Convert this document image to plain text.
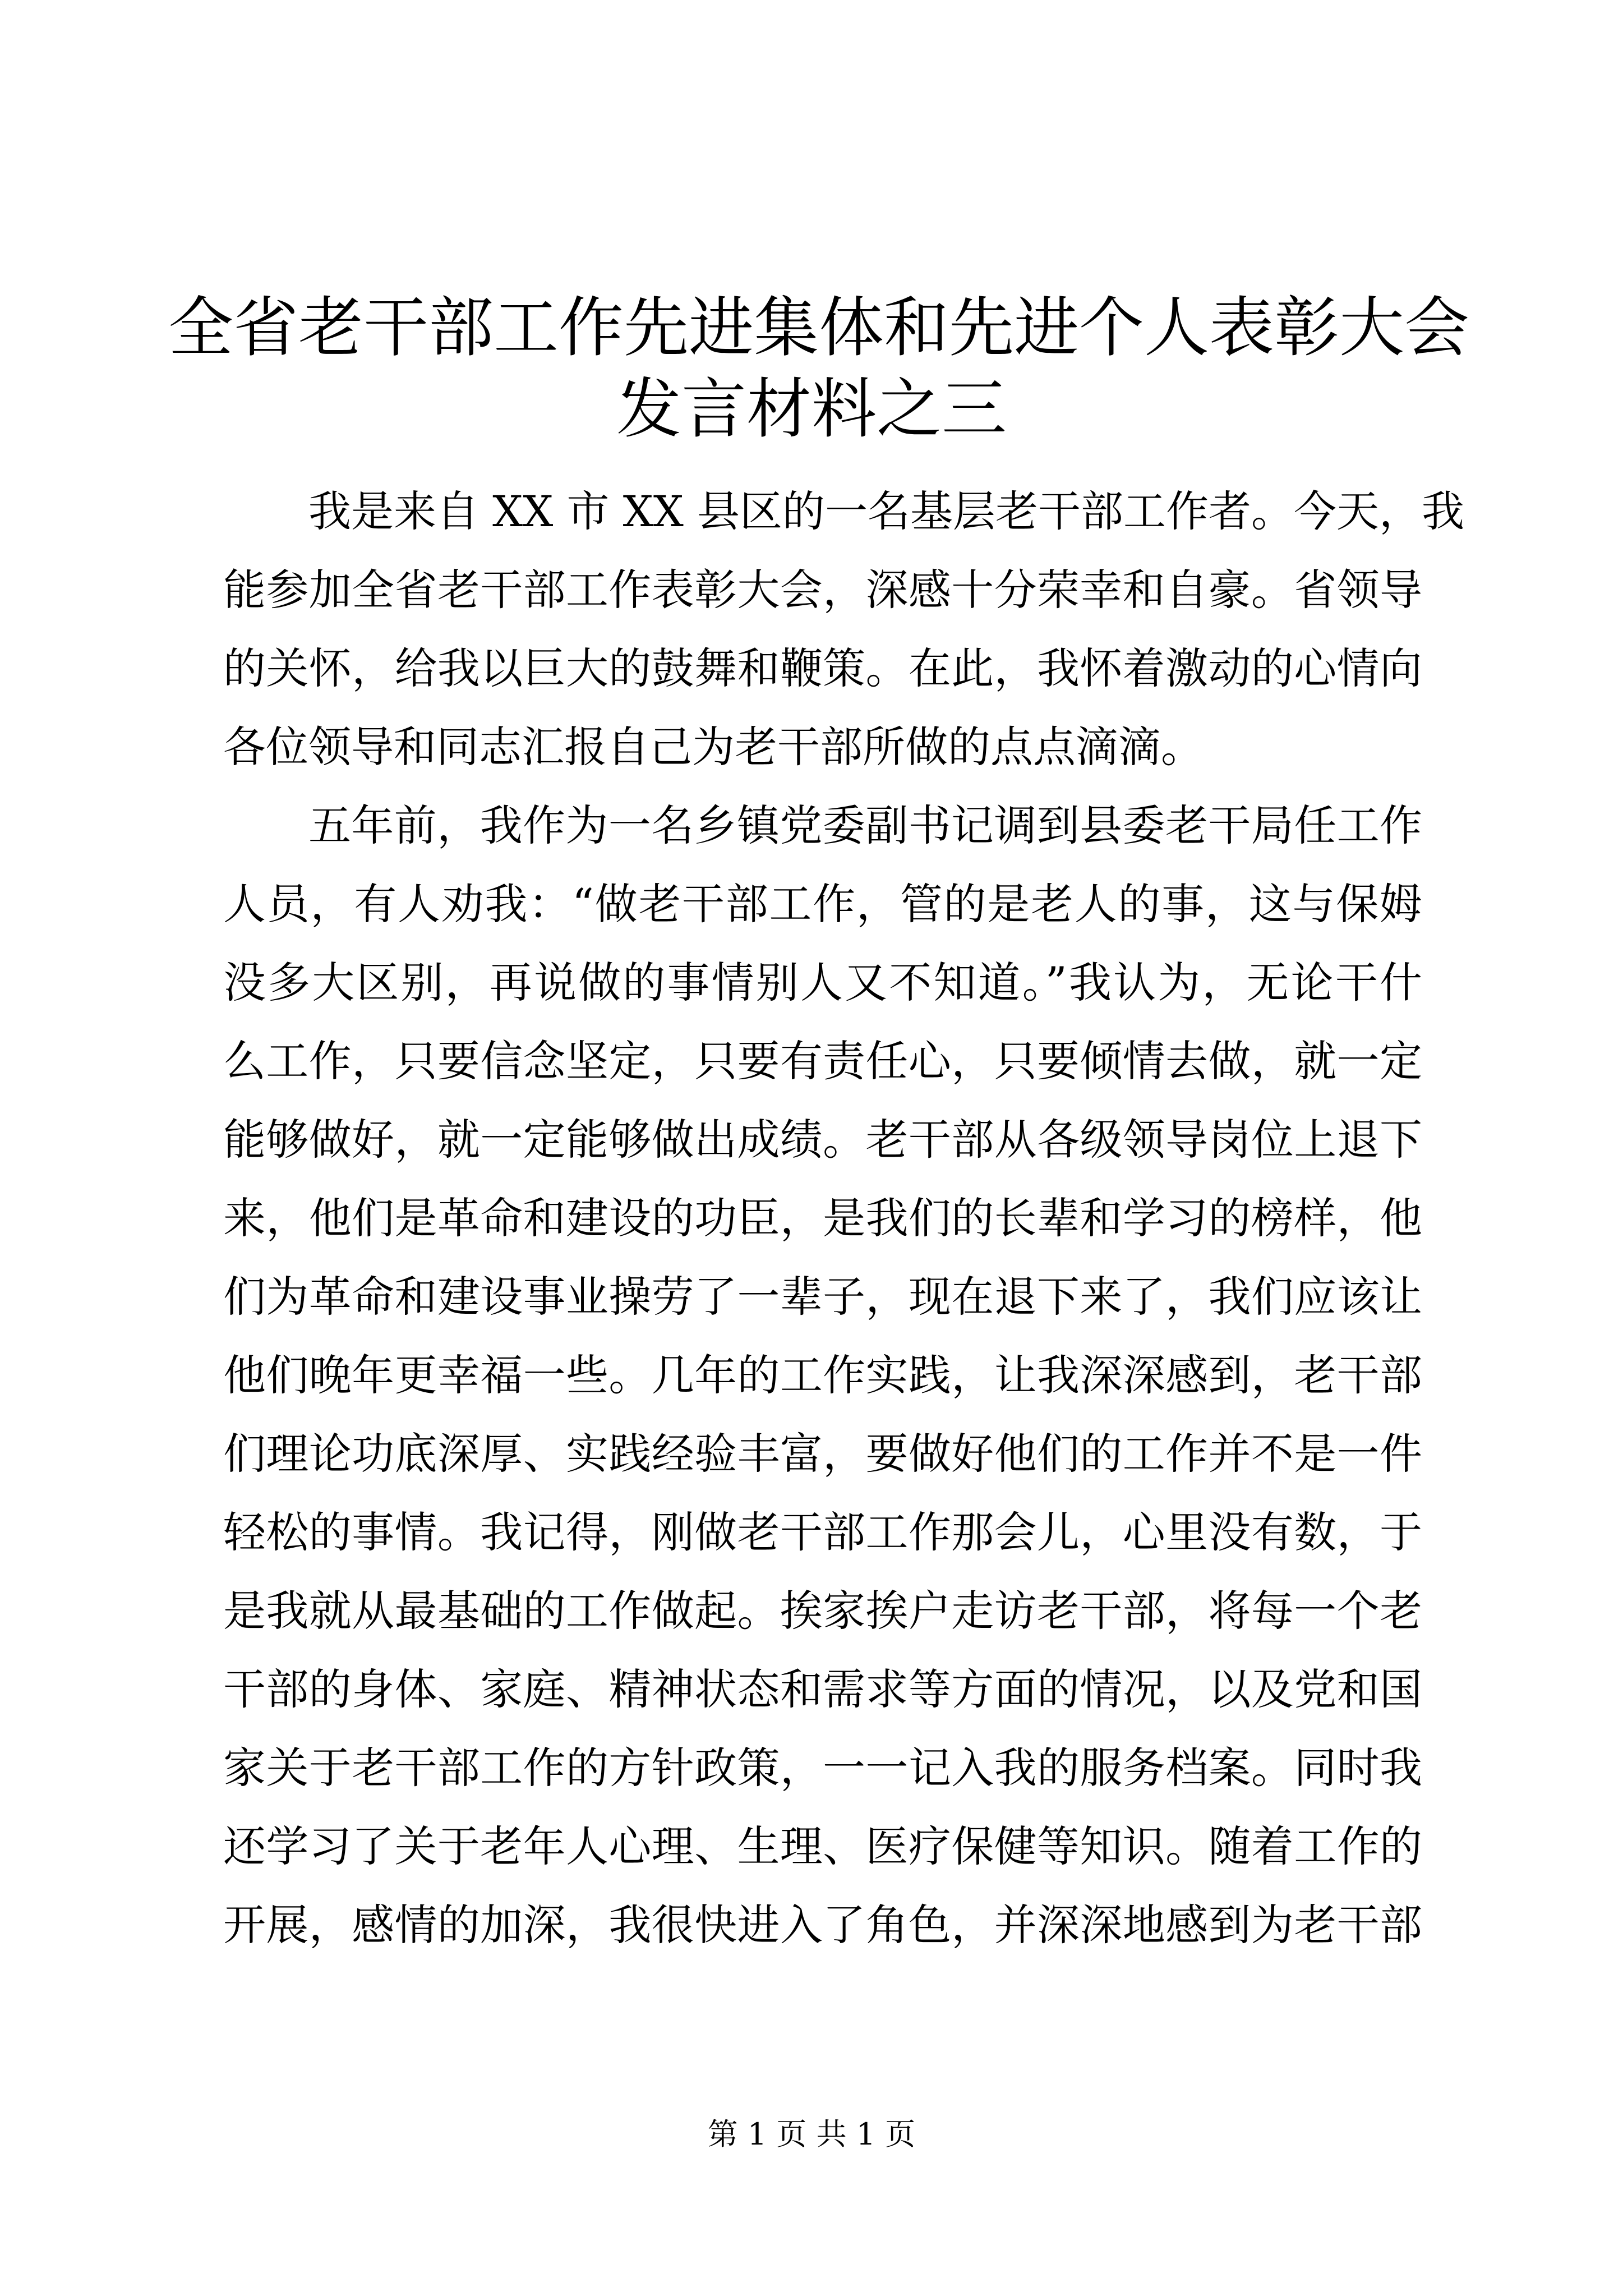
全省老干部工作先进集体和先进个人表彰大会
发言材料之三
我是来自 XX 市 XX 县区的一名基层老干部工作者。今天，我
能参加全省老干部工作表彰大会，深感十分荣幸和自豪。省领导
的关怀，给我以巨大的鼓舞和鞭策。在此，我怀着激动的心情向
各位领导和同志汇报自己为老干部所做的点点滴滴。
五年前，我作为一名乡镇党委副书记调到县委老干局任工作
人员，有人劝我：“做老干部工作，管的是老人的事，这与保姆
没多大区别，再说做的事情别人又不知道。”我认为，无论干什
么工作，只要信念坚定，只要有责任心，只要倾情去做，就一定
能够做好，就一定能够做出成绩。老干部从各级领导岗位上退下
来，他们是革命和建设的功臣，是我们的长辈和学习的榜样，他
们为革命和建设事业操劳了一辈子，现在退下来了，我们应该让
他们晚年更幸福一些。几年的工作实践，让我深深感到，老干部
们理论功底深厚、实践经验丰富，要做好他们的工作并不是一件
轻松的事情。我记得，刚做老干部工作那会儿，心里没有数，于
是我就从最基础的工作做起。挨家挨户走访老干部，将每一个老
干部的身体、家庭、精神状态和需求等方面的情况，以及党和国
家关于老干部工作的方针政策，一一记入我的服务档案。同时我
还学习了关于老年人心理、生理、医疗保健等知识。随着工作的
开展，感情的加深，我很快进入了角色，并深深地感到为老干部
第 1 页 共 1 页
